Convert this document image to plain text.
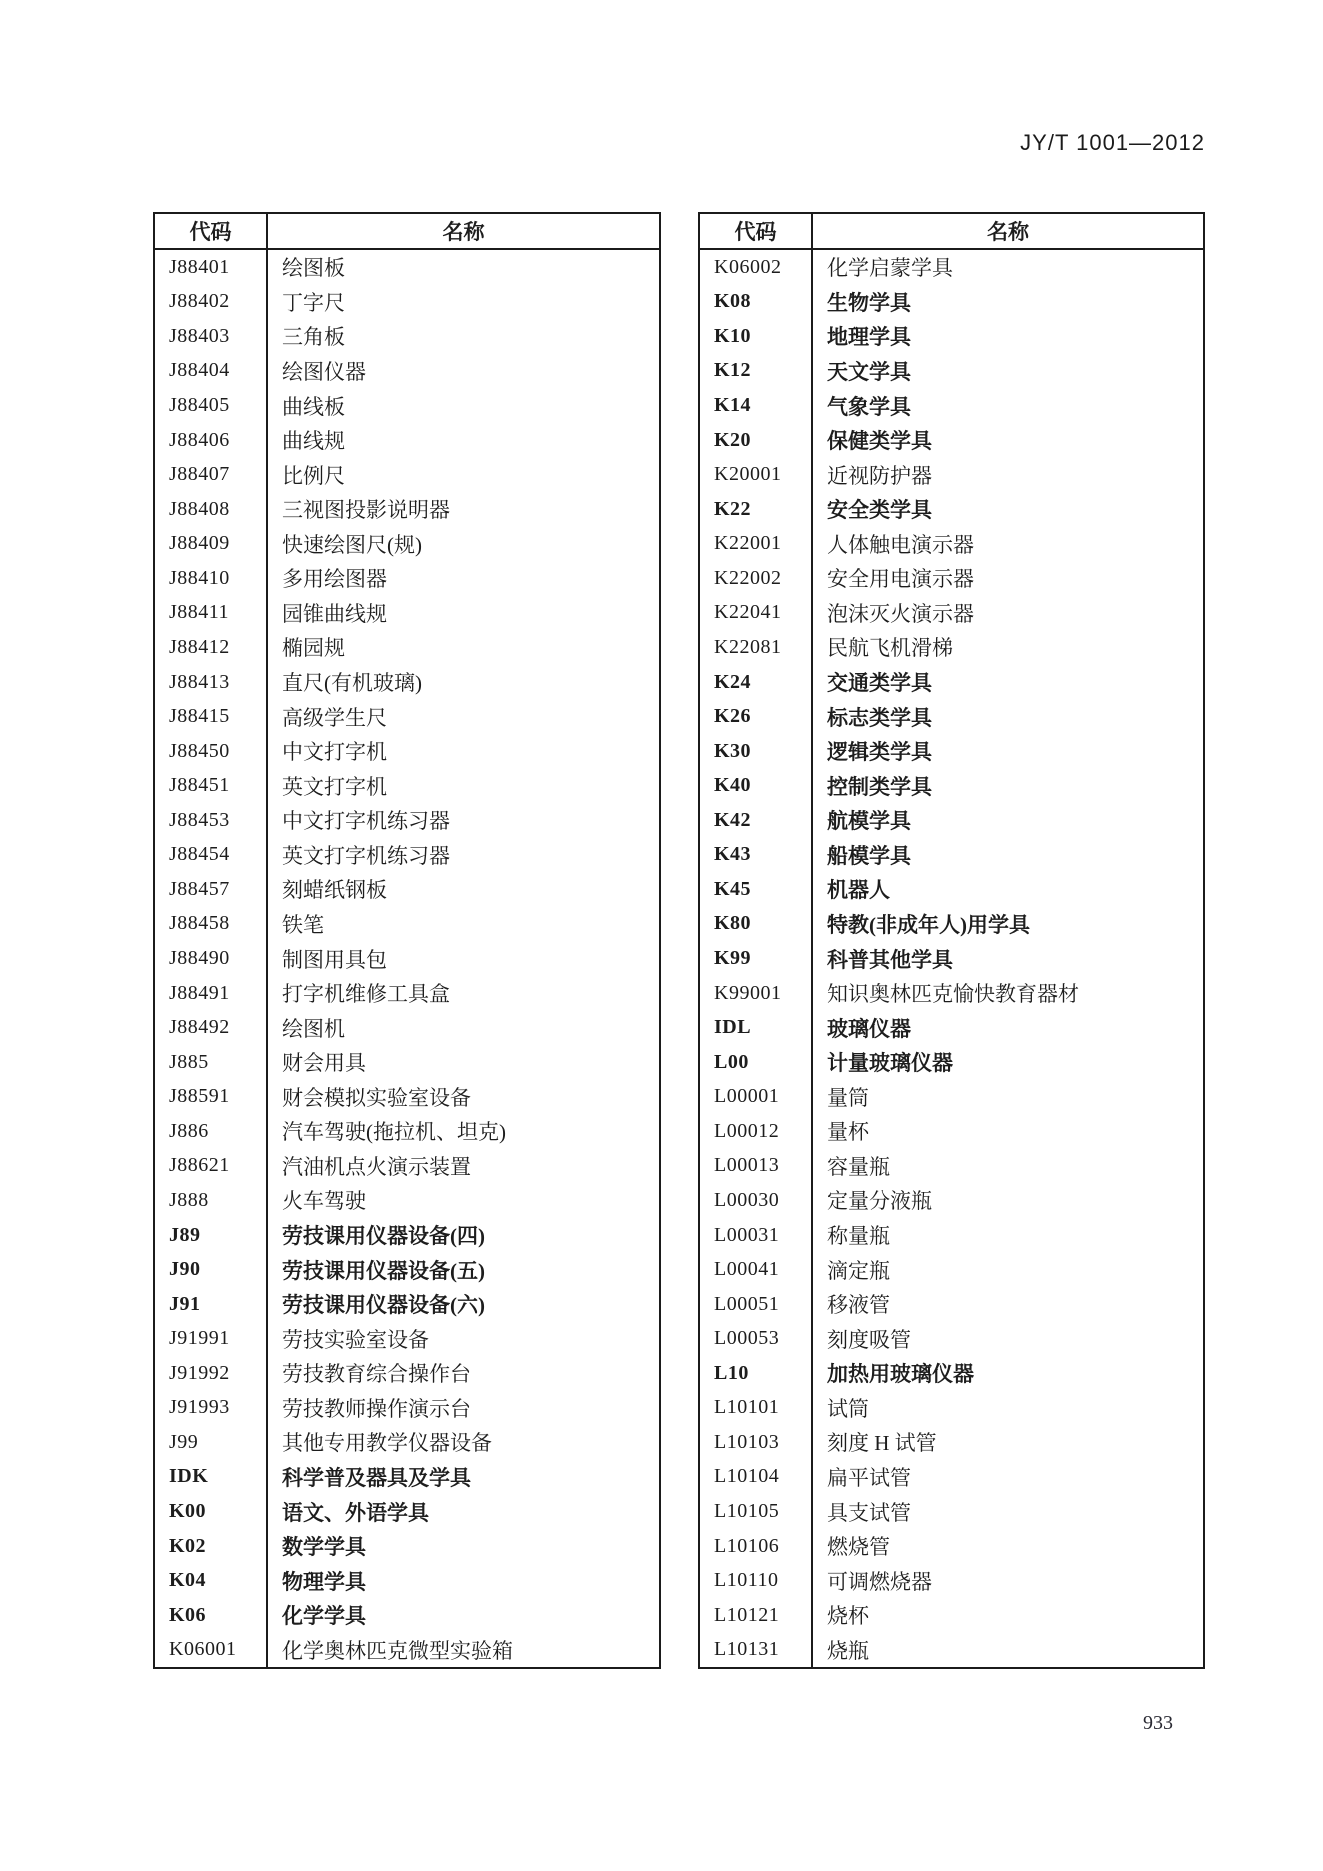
JY/T 1001—2012
代码	名称
J88401	绘图板
J88402	丁字尺
J88403	三角板
J88404	绘图仪器
J88405	曲线板
J88406	曲线规
J88407	比例尺
J88408	三视图投影说明器
J88409	快速绘图尺(规)
J88410	多用绘图器
J88411	园锥曲线规
J88412	椭园规
J88413	直尺(有机玻璃)
J88415	高级学生尺
J88450	中文打字机
J88451	英文打字机
J88453	中文打字机练习器
J88454	英文打字机练习器
J88457	刻蜡纸钢板
J88458	铁笔
J88490	制图用具包
J88491	打字机维修工具盒
J88492	绘图机
J885	财会用具
J88591	财会模拟实验室设备
J886	汽车驾驶(拖拉机、坦克)
J88621	汽油机点火演示装置
J888	火车驾驶
J89	劳技课用仪器设备(四)
J90	劳技课用仪器设备(五)
J91	劳技课用仪器设备(六)
J91991	劳技实验室设备
J91992	劳技教育综合操作台
J91993	劳技教师操作演示台
J99	其他专用教学仪器设备
IDK	科学普及器具及学具
K00	语文、外语学具
K02	数学学具
K04	物理学具
K06	化学学具
K06001	化学奥林匹克微型实验箱
代码	名称
K06002	化学启蒙学具
K08	生物学具
K10	地理学具
K12	天文学具
K14	气象学具
K20	保健类学具
K20001	近视防护器
K22	安全类学具
K22001	人体触电演示器
K22002	安全用电演示器
K22041	泡沫灭火演示器
K22081	民航飞机滑梯
K24	交通类学具
K26	标志类学具
K30	逻辑类学具
K40	控制类学具
K42	航模学具
K43	船模学具
K45	机器人
K80	特教(非成年人)用学具
K99	科普其他学具
K99001	知识奥林匹克愉快教育器材
IDL	玻璃仪器
L00	计量玻璃仪器
L00001	量筒
L00012	量杯
L00013	容量瓶
L00030	定量分液瓶
L00031	称量瓶
L00041	滴定瓶
L00051	移液管
L00053	刻度吸管
L10	加热用玻璃仪器
L10101	试筒
L10103	刻度 H 试管
L10104	扁平试管
L10105	具支试管
L10106	燃烧管
L10110	可调燃烧器
L10121	烧杯
L10131	烧瓶
933
